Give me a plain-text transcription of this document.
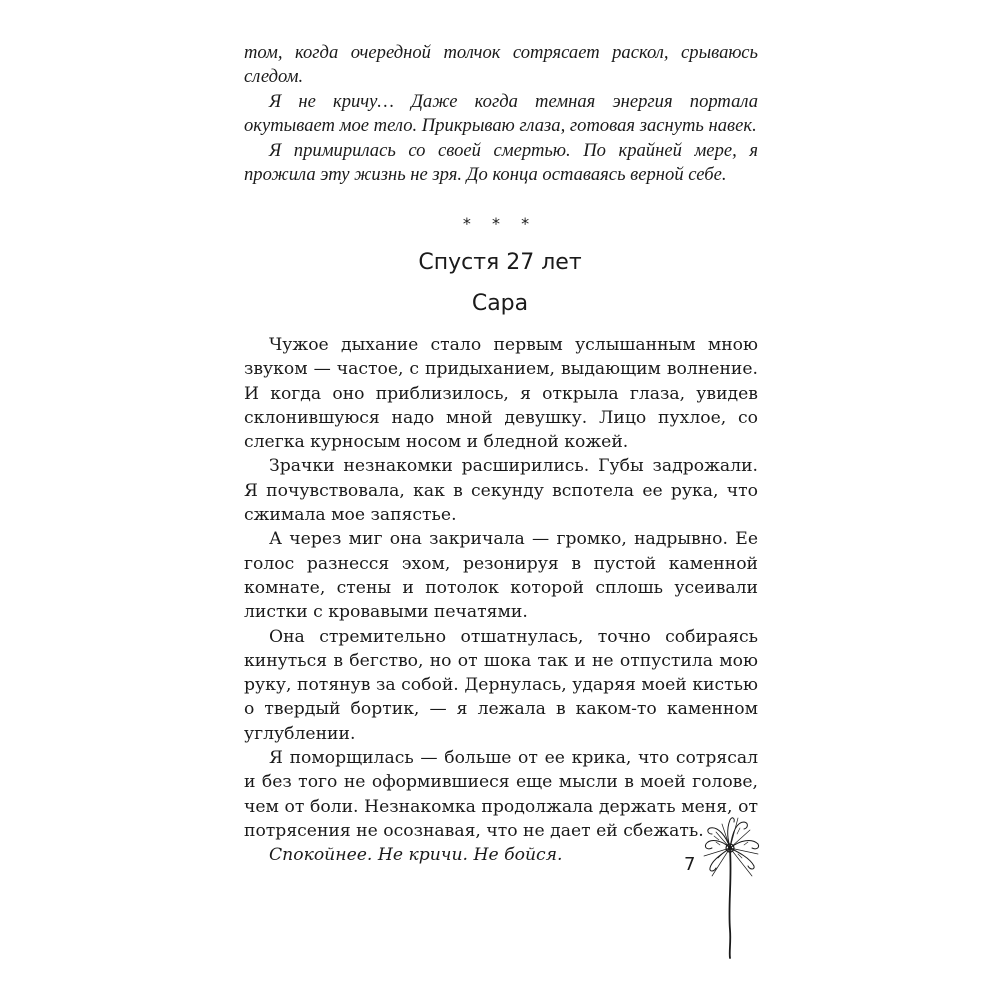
том, когда очередной толчок сотрясает раскол, срываюсь следом.

Я не кричу… Даже когда темная энергия портала окутывает мое тело. Прикрываю глаза, готовая заснуть навек.

Я примирилась со своей смертью. По крайней мере, я прожила эту жизнь не зря. До конца оставаясь верной себе.

* * *
Спустя 27 лет
Сара

Чужое дыхание стало первым услышанным мною звуком — частое, с придыханием, выдающим волнение. И когда оно приблизилось, я открыла глаза, увидев склонившуюся надо мной девушку. Лицо пухлое, со слегка курносым носом и бледной кожей.

Зрачки незнакомки расширились. Губы задрожали. Я почувствовала, как в секунду вспотела ее рука, что сжимала мое запястье.

А через миг она закричала — громко, надрывно. Ее голос разнесся эхом, резонируя в пустой каменной комнате, стены и потолок которой сплошь усеивали листки с кровавыми печатями.

Она стремительно отшатнулась, точно собираясь кинуться в бегство, но от шока так и не отпустила мою руку, потянув за собой. Дернулась, ударяя моей кистью о твердый бортик, — я лежала в каком-то каменном углублении.

Я поморщилась — больше от ее крика, что сотрясал и без того не оформившиеся еще мысли в моей голове, чем от боли. Незнакомка продолжала держать меня, от потрясения не осознавая, что не дает ей сбежать.

Спокойнее. Не кричи. Не бойся.	7
